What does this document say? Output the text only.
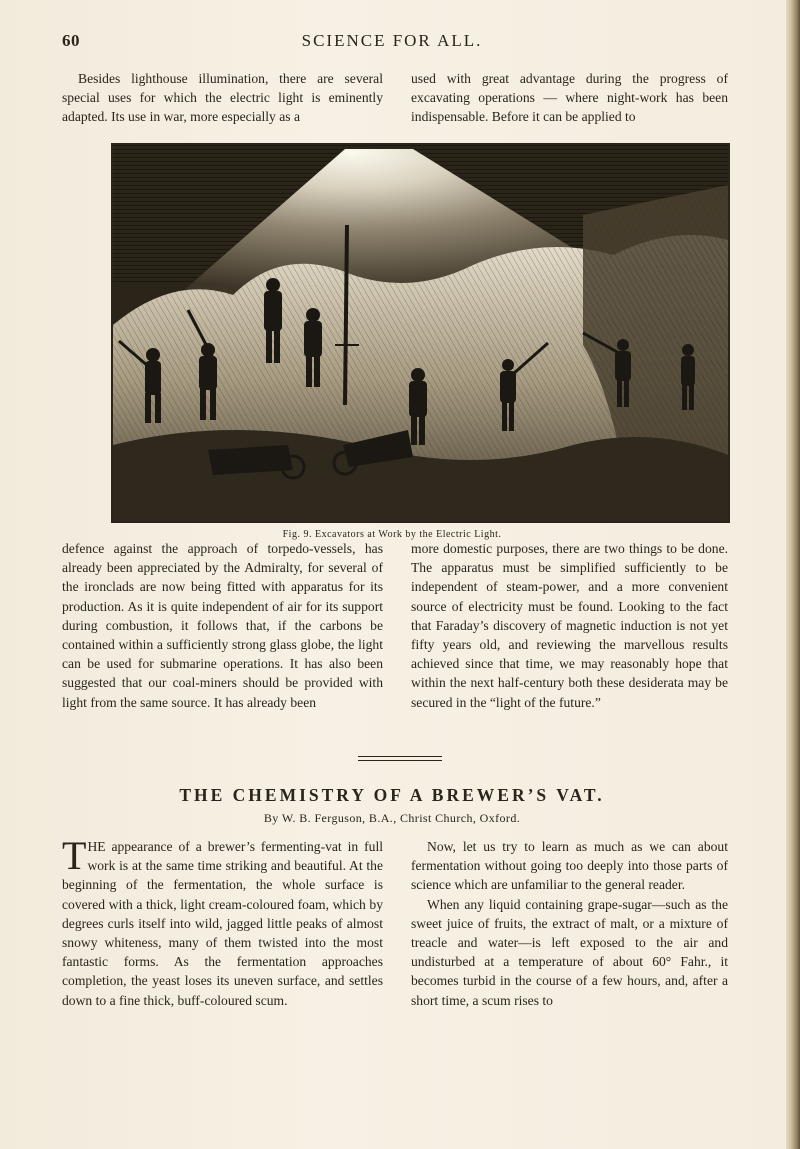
60	SCIENCE FOR ALL.

Besides lighthouse illumination, there are several special uses for which the electric light is eminently adapted. Its use in war, more especially as a

used with great advantage during the progress of excavating operations — where night-work has been indispensable. Before it can be applied to

Fig. 9. Excavators at Work by the Electric Light.

defence against the approach of torpedo-vessels, has already been appreciated by the Admiralty, for several of the ironclads are now being fitted with apparatus for its production. As it is quite independent of air for its support during combustion, it follows that, if the carbons be contained within a sufficiently strong glass globe, the light can be used for submarine operations. It has also been suggested that our coal-miners should be provided with light from the same source. It has already been

more domestic purposes, there are two things to be done. The apparatus must be simplified sufficiently to be independent of steam-power, and a more convenient source of electricity must be found. Looking to the fact that Faraday’s discovery of magnetic induction is not yet fifty years old, and reviewing the marvellous results achieved since that time, we may reasonably hope that within the next half-century both these desiderata may be secured in the “light of the future.”

THE CHEMISTRY OF A BREWER’S VAT.
By W. B. Ferguson, B.A., Christ Church, Oxford.

THE appearance of a brewer’s fermenting-vat in full work is at the same time striking and beautiful. At the beginning of the fermentation, the whole surface is covered with a thick, light cream-coloured foam, which by degrees curls itself into wild, jagged little peaks of almost snowy whiteness, many of them twisted into the most fantastic forms. As the fermentation approaches completion, the yeast loses its uneven surface, and settles down to a fine thick, buff-coloured scum.

Now, let us try to learn as much as we can about fermentation without going too deeply into those parts of science which are unfamiliar to the general reader.

When any liquid containing grape-sugar—such as the sweet juice of fruits, the extract of malt, or a mixture of treacle and water—is left exposed to the air and undisturbed at a temperature of about 60° Fahr., it becomes turbid in the course of a few hours, and, after a short time, a scum rises to
